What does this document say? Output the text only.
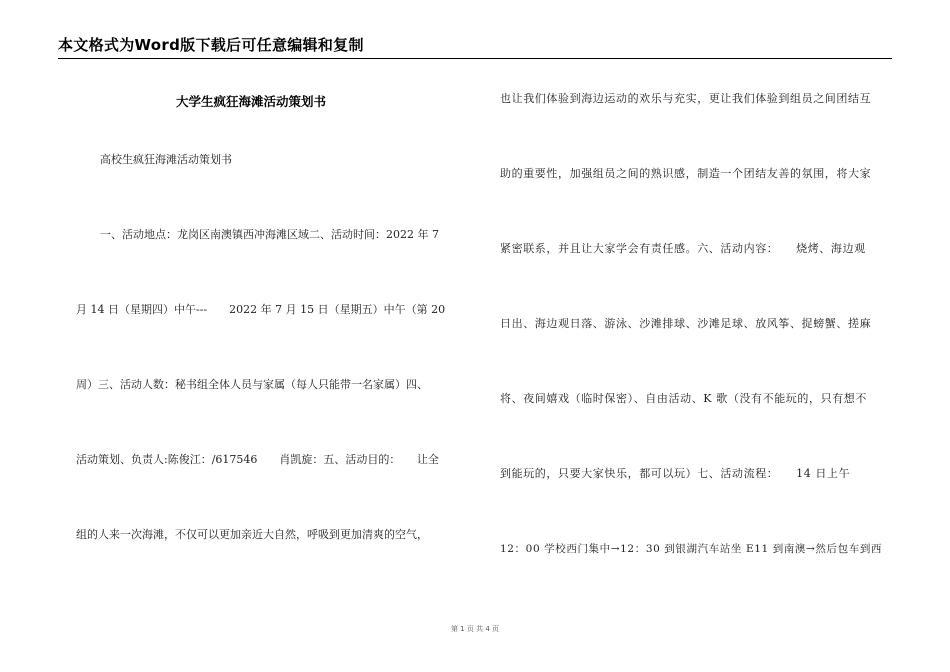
本文格式为Word版下载后可任意编辑和复制
大学生疯狂海滩活动策划书
高校生疯狂海滩活动策划书
一、活动地点：龙岗区南澳镇西冲海滩区域二、活动时间：2022 年 7
月 14 日（星期四）中午---　　2022 年 7 月 15 日（星期五）中午（第 20
周）三、活动人数：秘书组全体人员与家属（每人只能带一名家属）四、
活动策划、负责人:陈俊江：/617546　　肖凯旋：五、活动目的：　　让全
组的人来一次海滩，不仅可以更加亲近大自然，呼吸到更加清爽的空气，
也让我们体验到海边运动的欢乐与充实，更让我们体验到组员之间团结互
助的重要性，加强组员之间的熟识感，制造一个团结友善的氛围，将大家
紧密联系，并且让大家学会有责任感。六、活动内容：　　烧烤、海边观
日出、海边观日落、游泳、沙滩排球、沙滩足球、放风筝、捉螃蟹、搓麻
将、夜间嬉戏（临时保密）、自由活动、K 歌（没有不能玩的，只有想不
到能玩的，只要大家快乐，都可以玩）七、活动流程：　　14 日上午
12：00 学校西门集中→12：30 到银湖汽车站坐 E11 到南澳→然后包车到西
第 1 页 共 4 页
